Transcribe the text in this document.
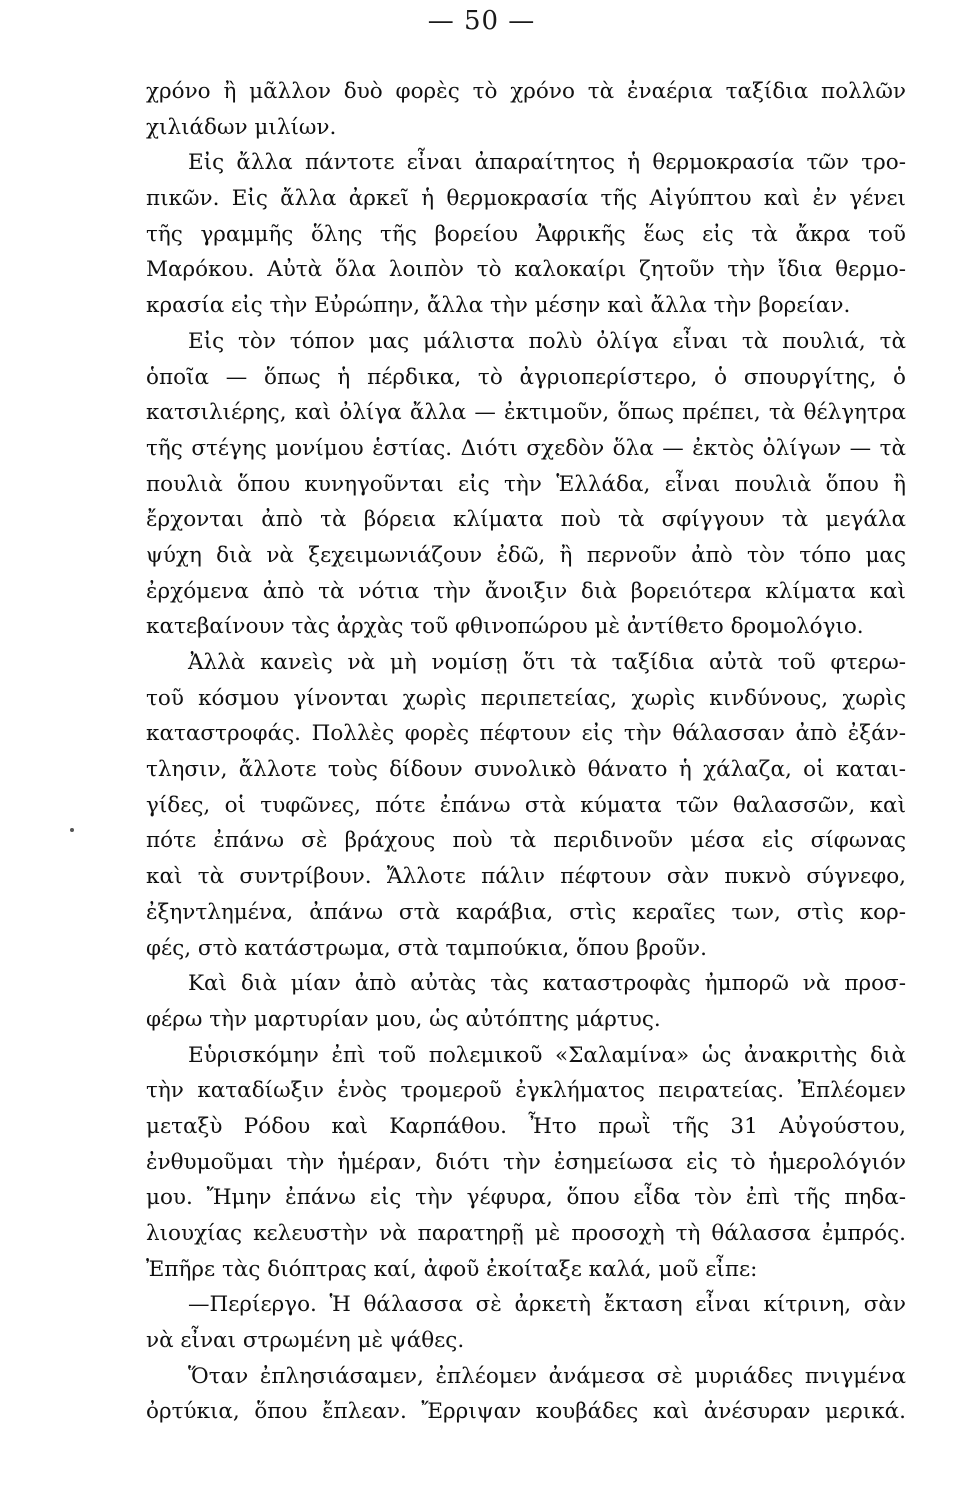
— 50 —
χρόνο ἢ μᾶλλον δυὸ φορὲς τὸ χρόνο τὰ ἐναέρια ταξίδια πολλῶν
χιλιάδων μιλίων.
Εἰς ἄλλα πάντοτε εἶναι ἀπαραίτητος ἡ θερμοκρασία τῶν τρο-
πικῶν. Εἰς ἄλλα ἀρκεῖ ἡ θερμοκρασία τῆς Αἰγύπτου καὶ ἐν γένει
τῆς γραμμῆς ὅλης τῆς βορείου Ἀφρικῆς ἕως εἰς τὰ ἄκρα τοῦ
Μαρόκου. Αὐτὰ ὅλα λοιπὸν τὸ καλοκαίρι ζητοῦν τὴν ἴδια θερμο-
κρασία εἰς τὴν Εὐρώπην, ἄλλα τὴν μέσην καὶ ἄλλα τὴν βορείαν.
Εἰς τὸν τόπον μας μάλιστα πολὺ ὀλίγα εἶναι τὰ πουλιά, τὰ
ὁποῖα — ὅπως ἡ πέρδικα, τὸ ἀγριοπερίστερο, ὁ σπουργίτης, ὁ
κατσιλιέρης, καὶ ὀλίγα ἄλλα — ἐκτιμοῦν, ὅπως πρέπει, τὰ θέλγητρα
τῆς στέγης μονίμου ἑστίας. Διότι σχεδὸν ὅλα — ἐκτὸς ὀλίγων — τὰ
πουλιὰ ὅπου κυνηγοῦνται εἰς τὴν Ἑλλάδα, εἶναι πουλιὰ ὅπου ἢ
ἔρχονται ἀπὸ τὰ βόρεια κλίματα ποὺ τὰ σφίγγουν τὰ μεγάλα
ψύχη διὰ νὰ ξεχειμωνιάζουν ἐδῶ, ἢ περνοῦν ἀπὸ τὸν τόπο μας
ἐρχόμενα ἀπὸ τὰ νότια τὴν ἄνοιξιν διὰ βορειότερα κλίματα καὶ
κατεβαίνουν τὰς ἀρχὰς τοῦ φθινοπώρου μὲ ἀντίθετο δρομολόγιο.
Ἀλλὰ κανεὶς νὰ μὴ νομίσῃ ὅτι τὰ ταξίδια αὐτὰ τοῦ φτερω-
τοῦ κόσμου γίνονται χωρὶς περιπετείας, χωρὶς κινδύνους, χωρὶς
καταστροφάς. Πολλὲς φορὲς πέφτουν εἰς τὴν θάλασσαν ἀπὸ ἐξάν-
τλησιν, ἄλλοτε τοὺς δίδουν συνολικὸ θάνατο ἡ χάλαζα, οἱ καται-
γίδες, οἱ τυφῶνες, πότε ἐπάνω στὰ κύματα τῶν θαλασσῶν, καὶ
πότε ἐπάνω σὲ βράχους ποὺ τὰ περιδινοῦν μέσα εἰς σίφωνας
καὶ τὰ συντρίβουν. Ἄλλοτε πάλιν πέφτουν σὰν πυκνὸ σύγνεφο,
ἐξηντλημένα, ἀπάνω στὰ καράβια, στὶς κεραῖες των, στὶς κορ-
φές, στὸ κατάστρωμα, στὰ ταμπούκια, ὅπου βροῦν.
Καὶ διὰ μίαν ἀπὸ αὐτὰς τὰς καταστροφὰς ἠμπορῶ νὰ προσ-
φέρω τὴν μαρτυρίαν μου, ὡς αὐτόπτης μάρτυς.
Εὑρισκόμην ἐπὶ τοῦ πολεμικοῦ «Σαλαμίνα» ὡς ἀνακριτὴς διὰ
τὴν καταδίωξιν ἑνὸς τρομεροῦ ἐγκλήματος πειρατείας. Ἐπλέομεν
μεταξὺ Ρόδου καὶ Καρπάθου. Ἦτο πρωῒ τῆς 31 Αὐγούστου,
ἐνθυμοῦμαι τὴν ἡμέραν, διότι τὴν ἐσημείωσα εἰς τὸ ἡμερολόγιόν
μου. Ἤμην ἐπάνω εἰς τὴν γέφυρα, ὅπου εἶδα τὸν ἐπὶ τῆς πηδα-
λιουχίας κελευστὴν νὰ παρατηρῇ μὲ προσοχὴ τὴ θάλασσα ἐμπρός.
Ἐπῆρε τὰς διόπτρας καί, ἀφοῦ ἐκοίταξε καλά, μοῦ εἶπε:
—Περίεργο. Ἡ θάλασσα σὲ ἀρκετὴ ἔκταση εἶναι κίτρινη, σὰν
νὰ εἶναι στρωμένη μὲ ψάθες.
Ὅταν ἐπλησιάσαμεν, ἐπλέομεν ἀνάμεσα σὲ μυριάδες πνιγμένα
ὀρτύκια, ὅπου ἔπλεαν. Ἔρριψαν κουβάδες καὶ ἀνέσυραν μερικά.
